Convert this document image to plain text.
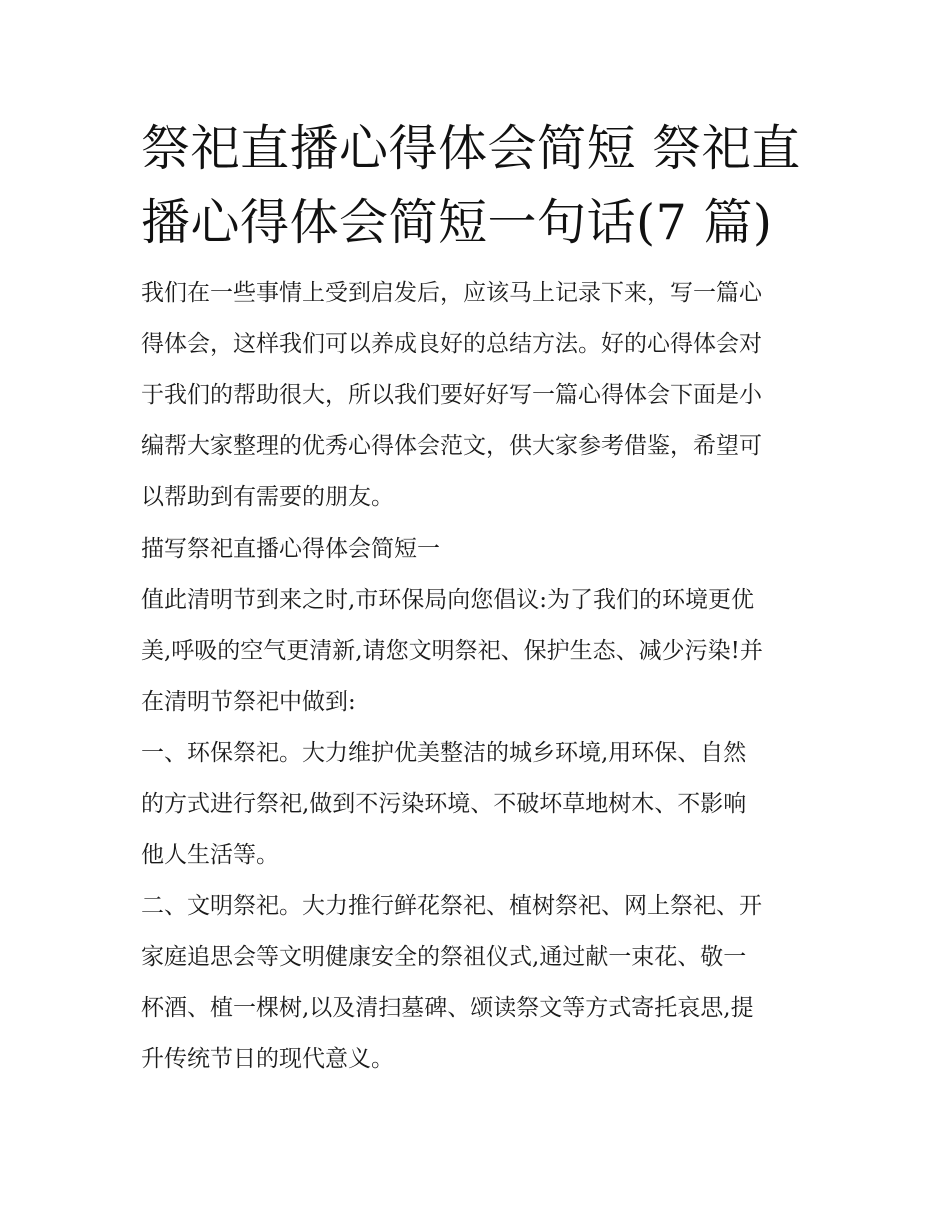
祭祀直播心得体会简短 祭祀直
播心得体会简短一句话(7 篇)

我们在一些事情上受到启发后，应该马上记录下来，写一篇心
得体会，这样我们可以养成良好的总结方法。好的心得体会对
于我们的帮助很大，所以我们要好好写一篇心得体会下面是小
编帮大家整理的优秀心得体会范文，供大家参考借鉴，希望可
以帮助到有需要的朋友。

描写祭祀直播心得体会简短一

值此清明节到来之时,市环保局向您倡议:为了我们的环境更优
美,呼吸的空气更清新,请您文明祭祀、保护生态、减少污染!并
在清明节祭祀中做到:

一、环保祭祀。大力维护优美整洁的城乡环境,用环保、自然
的方式进行祭祀,做到不污染环境、不破坏草地树木、不影响
他人生活等。

二、文明祭祀。大力推行鲜花祭祀、植树祭祀、网上祭祀、开
家庭追思会等文明健康安全的祭祖仪式,通过献一束花、敬一
杯酒、植一棵树,以及清扫墓碑、颂读祭文等方式寄托哀思,提
升传统节日的现代意义。
